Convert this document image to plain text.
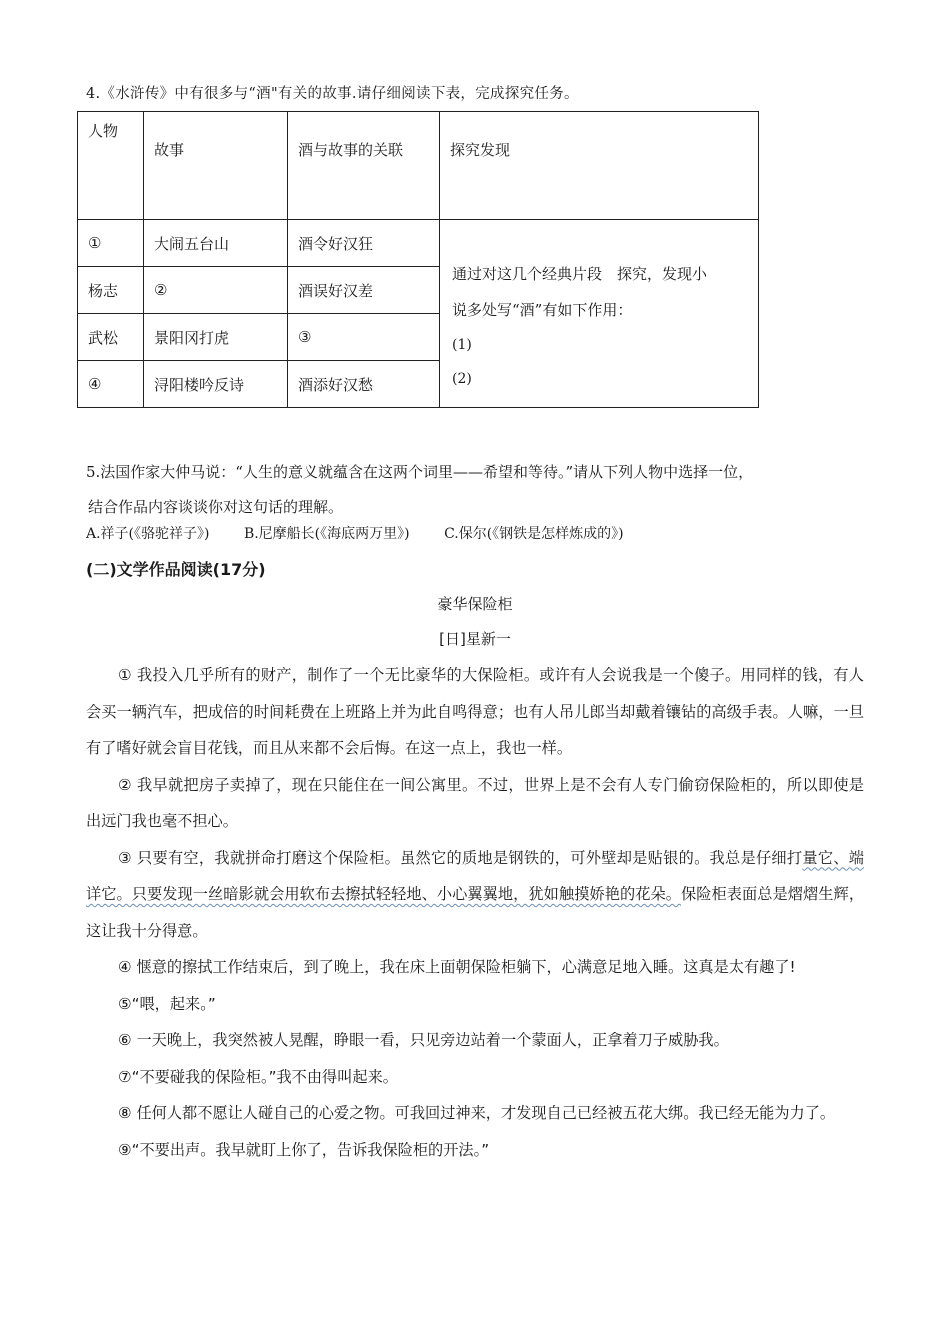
4.《水浒传》中有很多与“酒"有关的故事.请仔细阅读下表，完成探究任务。
人物	故事	酒与故事的关联	探究发现
①	大闹五台山	酒令好汉狂	通过对这几个经典片段　探究，发现小
说多处写“酒”有如下作用：
(1)
(2)

杨志	②	酒误好汉差	
武松	景阳冈打虎	③	
④	浔阳楼吟反诗	酒添好汉愁	
5.法国作家大仲马说：“人生的意义就蕴含在这两个词里——希望和等待。”请从下列人物中选择一位，
结合作品内容谈谈你对这句话的理解。
A.祥子(《骆驼祥子》) B.尼摩船长(《海底两万里》) C.保尔(《钢铁是怎样炼成的》)
(二)文学作品阅读(17分)
豪华保险柜
[日]星新一

① 我投入几乎所有的财产，制作了一个无比豪华的大保险柜。或许有人会说我是一个傻子。用同样的钱，有人会买一辆汽车，把成倍的时间耗费在上班路上并为此自鸣得意；也有人吊儿郎当却戴着镶钻的高级手表。人嘛，一旦有了嗜好就会盲目花钱，而且从来都不会后悔。在这一点上，我也一样。

② 我早就把房子卖掉了，现在只能住在一间公寓里。不过，世界上是不会有人专门偷窃保险柜的，所以即使是出远门我也毫不担心。

③ 只要有空，我就拼命打磨这个保险柜。虽然它的质地是钢铁的，可外壁却是贴银的。我总是仔细打量它、端详它。只要发现一丝暗影就会用软布去擦拭轻轻地、小心翼翼地，犹如触摸娇艳的花朵。保险柜表面总是熠熠生辉，这让我十分得意。

④ 惬意的擦拭工作结束后，到了晚上，我在床上面朝保险柜躺下，心满意足地入睡。这真是太有趣了!

⑤“喂，起来。”

⑥ 一天晚上，我突然被人晃醒，睁眼一看，只见旁边站着一个蒙面人，正拿着刀子威胁我。

⑦“不要碰我的保险柜。”我不由得叫起来。

⑧ 任何人都不愿让人碰自己的心爱之物。可我回过神来，才发现自己已经被五花大绑。我已经无能为力了。

⑨“不要出声。我早就盯上你了，告诉我保险柜的开法。”
